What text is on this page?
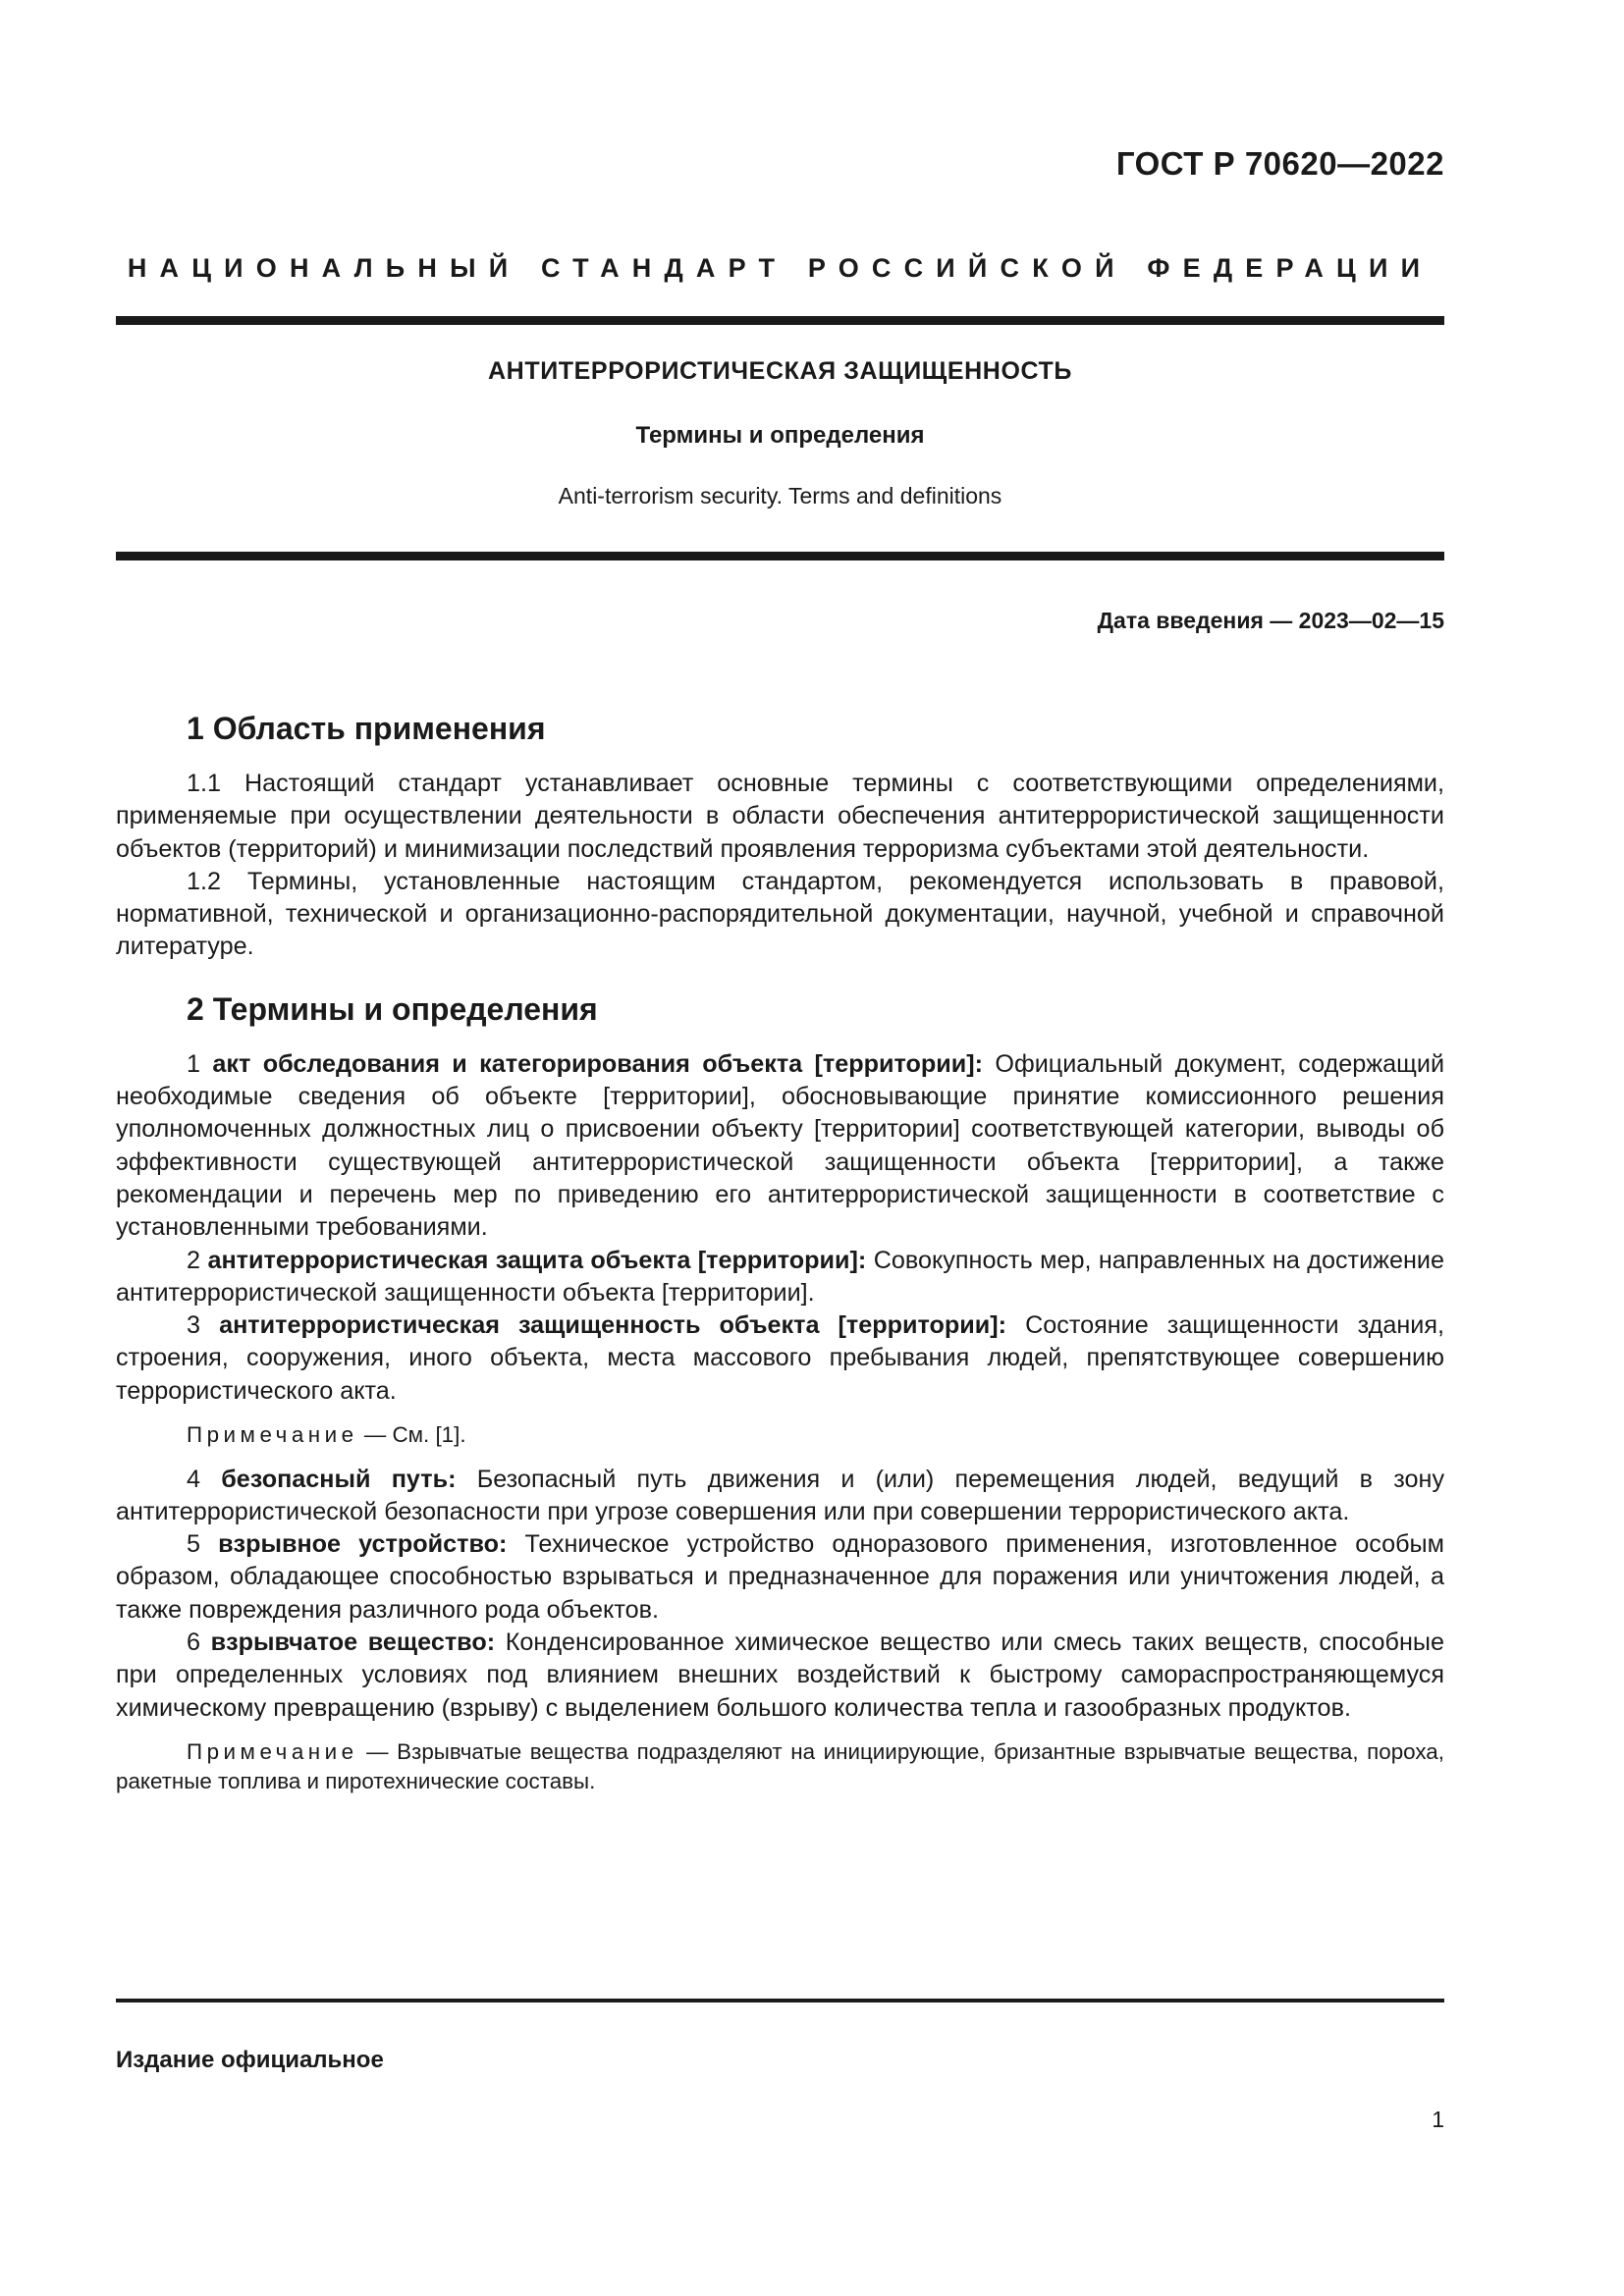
ГОСТ Р 70620—2022
НАЦИОНАЛЬНЫЙ СТАНДАРТ РОССИЙСКОЙ ФЕДЕРАЦИИ
АНТИТЕРРОРИСТИЧЕСКАЯ ЗАЩИЩЕННОСТЬ
Термины и определения
Anti-terrorism security. Terms and definitions
Дата введения — 2023—02—15
1 Область применения

1.1 Настоящий стандарт устанавливает основные термины с соответствующими определениями, применяемые при осуществлении деятельности в области обеспечения антитеррористической защищенности объектов (территорий) и минимизации последствий проявления терроризма субъектами этой деятельности.

1.2 Термины, установленные настоящим стандартом, рекомендуется использовать в правовой, нормативной, технической и организационно-распорядительной документации, научной, учебной и справочной литературе.

2 Термины и определения

1 акт обследования и категорирования объекта [территории]: Официальный документ, содержащий необходимые сведения об объекте [территории], обосновывающие принятие комиссионного решения уполномоченных должностных лиц о присвоении объекту [территории] соответствующей категории, выводы об эффективности существующей антитеррористической защищенности объекта [территории], а также рекомендации и перечень мер по приведению его антитеррористической защищенности в соответствие с установленными требованиями.

2 антитеррористическая защита объекта [территории]: Совокупность мер, направленных на достижение антитеррористической защищенности объекта [территории].

3 антитеррористическая защищенность объекта [территории]: Состояние защищенности здания, строения, сооружения, иного объекта, места массового пребывания людей, препятствующее совершению террористического акта.

Примечание — См. [1].

4 безопасный путь: Безопасный путь движения и (или) перемещения людей, ведущий в зону антитеррористической безопасности при угрозе совершения или при совершении террористического акта.

5 взрывное устройство: Техническое устройство одноразового применения, изготовленное особым образом, обладающее способностью взрываться и предназначенное для поражения или уничтожения людей, а также повреждения различного рода объектов.

6 взрывчатое вещество: Конденсированное химическое вещество или смесь таких веществ, способные при определенных условиях под влиянием внешних воздействий к быстрому самораспространяющемуся химическому превращению (взрыву) с выделением большого количества тепла и газообразных продуктов.

Примечание — Взрывчатые вещества подразделяют на инициирующие, бризантные взрывчатые вещества, пороха, ракетные топлива и пиротехнические составы.

Издание официальное
1
